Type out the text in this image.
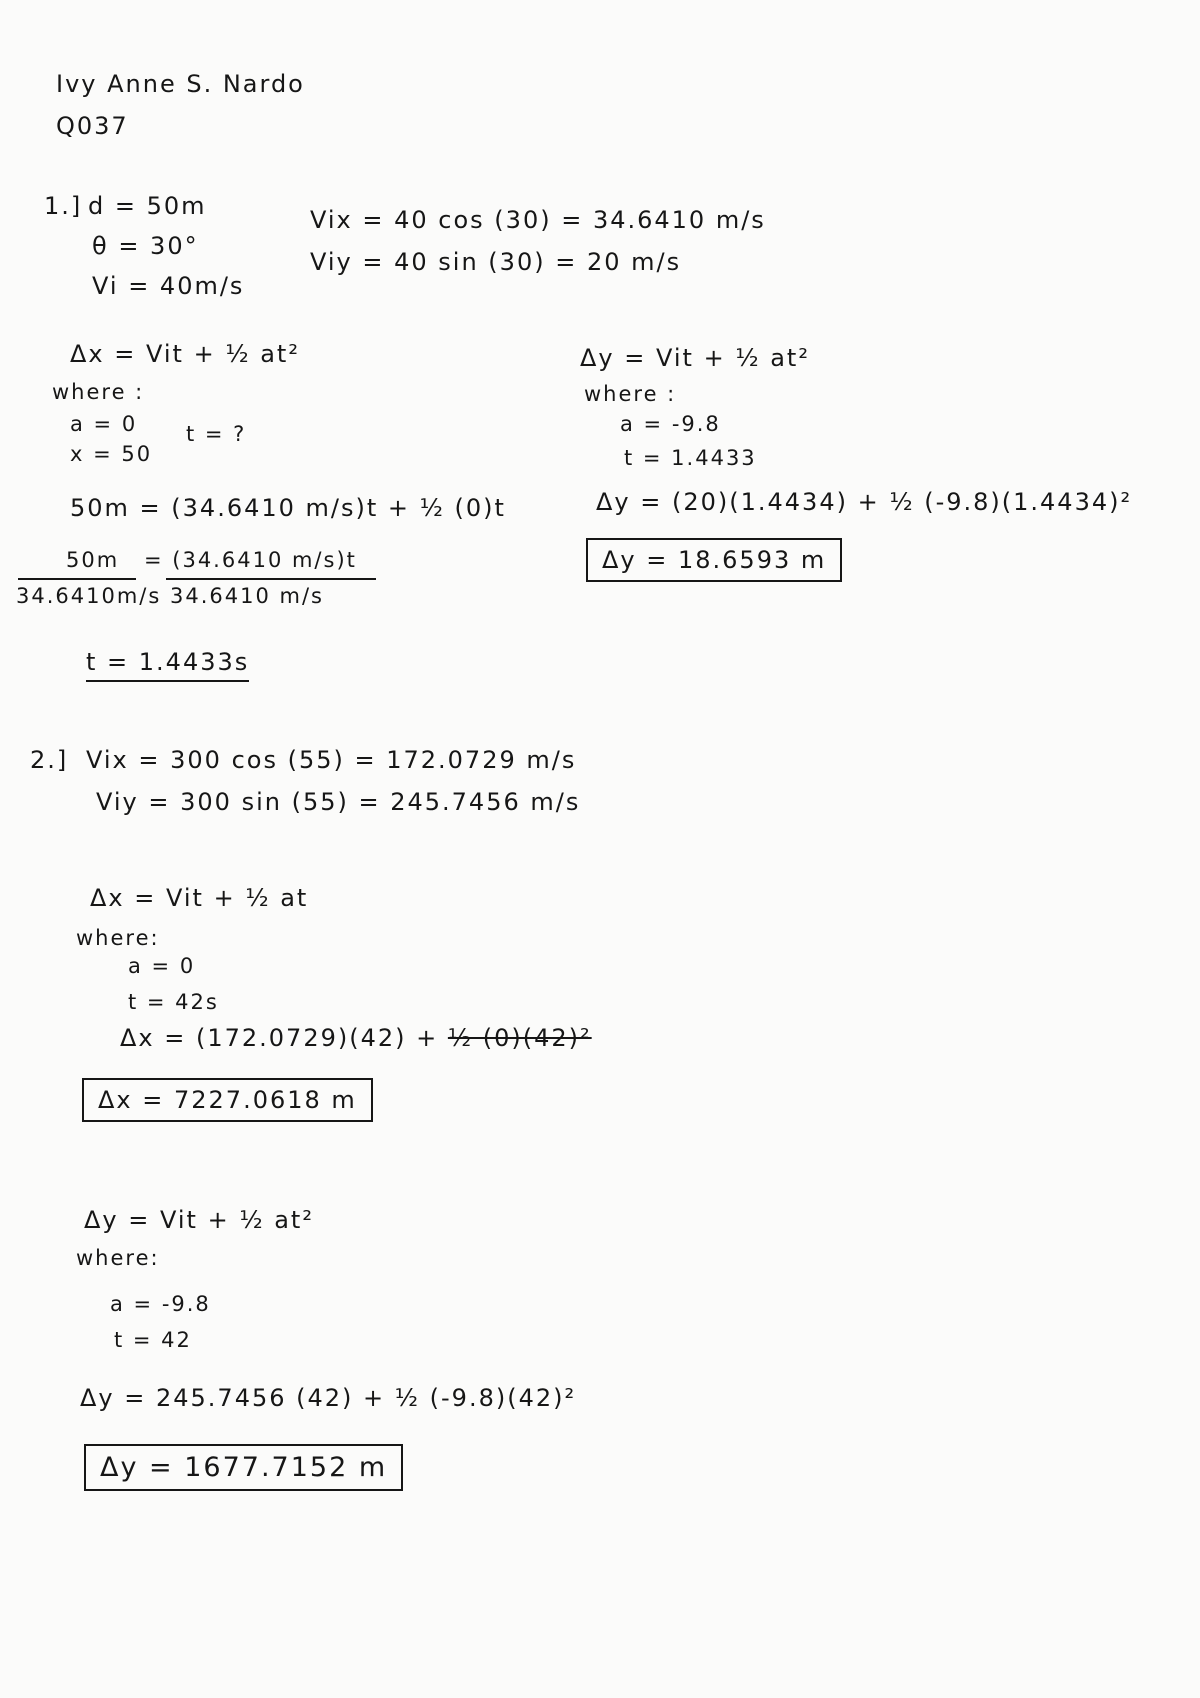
Ivy Anne S. Nardo
Q037
1.] d = 50m
θ = 30°
Vi = 40m/s
Vix = 40 cos (30) = 34.6410 m/s
Viy = 40 sin (30) = 20 m/s
Δx = Vit + ½ at²
where :
a = 0
x = 50
t = ?
50m = (34.6410 m/s)t + ½ (0)t
50m
34.6410m/s
= (34.6410 m/s)t
34.6410 m/s
t = 1.4433s
Δy = Vit + ½ at²
where :
a = -9.8
t = 1.4433
Δy = (20)(1.4434) + ½ (-9.8)(1.4434)²
Δy = 18.6593 m
2.] Vix = 300 cos (55) = 172.0729 m/s
Viy = 300 sin (55) = 245.7456 m/s
Δx = Vit + ½ at
where:
a = 0
t = 42s
Δx = (172.0729)(42) + ½ (0)(42)²
Δx = 7227.0618 m
Δy = Vit + ½ at²
where:
a = -9.8
t = 42
Δy = 245.7456 (42) + ½ (-9.8)(42)²
Δy = 1677.7152 m
